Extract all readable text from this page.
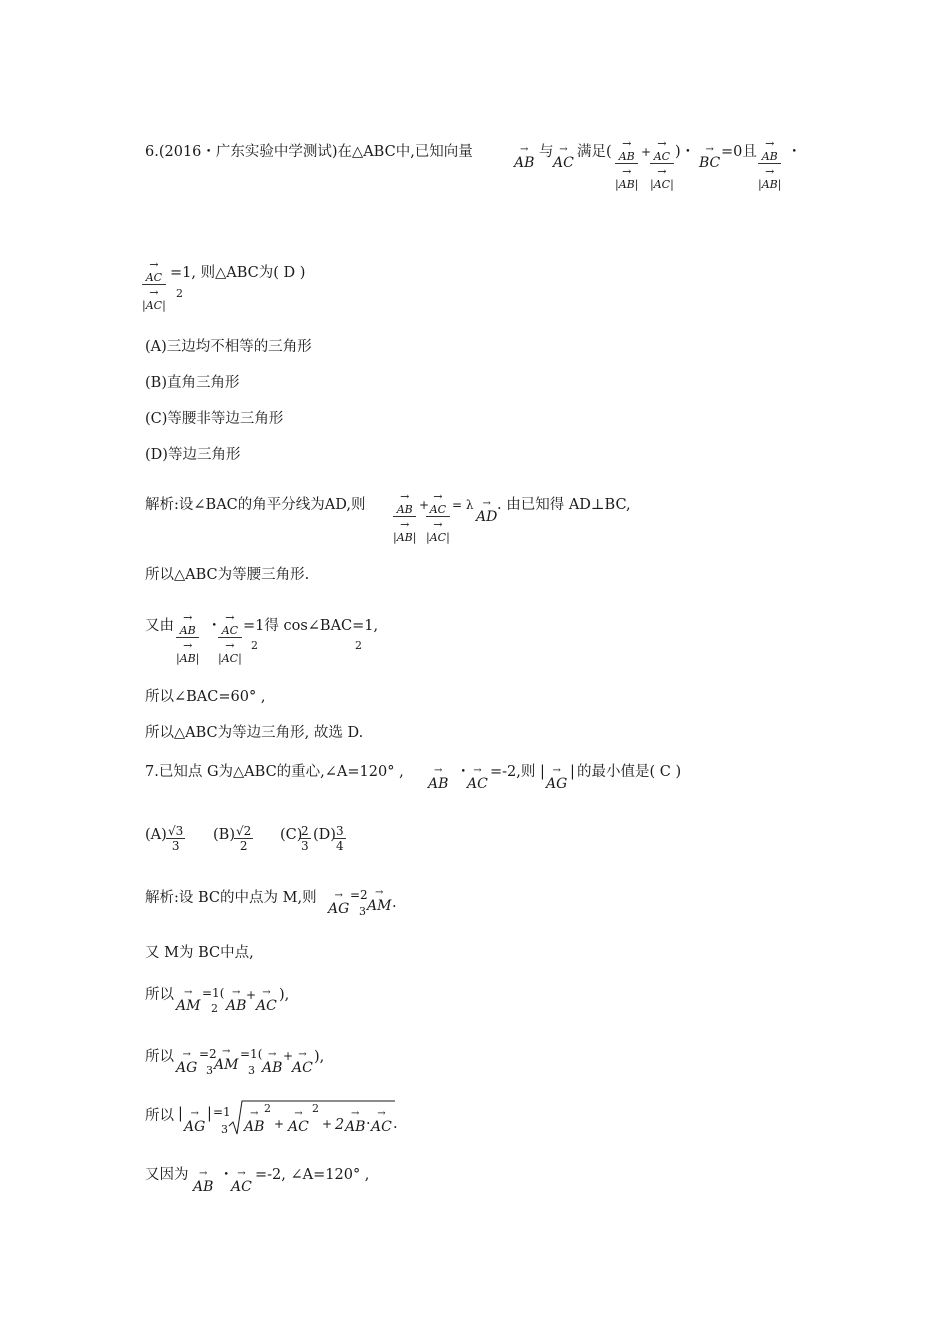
6.(2016・广东实验中学测试)在△ABC中,已知向量	→
AB
与 →
AC
满足(
→
AB
→
|AB|
+
→
AC
→
|AC|
)・	→
BC
=0且
→
AB
→
|AB|
・
→
AC
→
|AC|
=1, 则△ABC为( D )
2
(A)三边均不相等的三角形
(B)直角三角形
(C)等腰非等边三角形
(D)等边三角形
解析:设∠BAC的角平分线为AD,则
→
AB
→
|AB|
+
→
AC
→
|AC|
= λ →
AD
. 由已知得 AD⊥BC,
所以△ABC为等腰三角形.
又由
→
AB
→
|AB|
・
→
AC
→
|AC|
=1得 cos∠BAC=1,
2	2
所以∠BAC=60° ,
所以△ABC为等边三角形, 故选 D.
7.已知点 G为△ABC的重心,∠A=120° ,	→
AB
・ →
AC
=-2,则 | →
AG
| 的最小值是( C )
(A) √3
3
(B) √2
2
(C)
2
3
(D) 3
4
解析:设 BC的中点为 M,则	→
AG
=2
3
→
AM .
又 M为 BC中点,
所以	→
AM
=1(
2
→
AB
+ →
AC
),
所以 →
AG
=2
3
→
AM
=1(
3
→
AB
+ →
AC
),
所以 | →
AG
| =1
3
→
AB
2
+
→
AC
2
+ 2
→
AB ·
→
AC .
又因为	→
AB
・ →
AC
=-2, ∠A=120° ,
